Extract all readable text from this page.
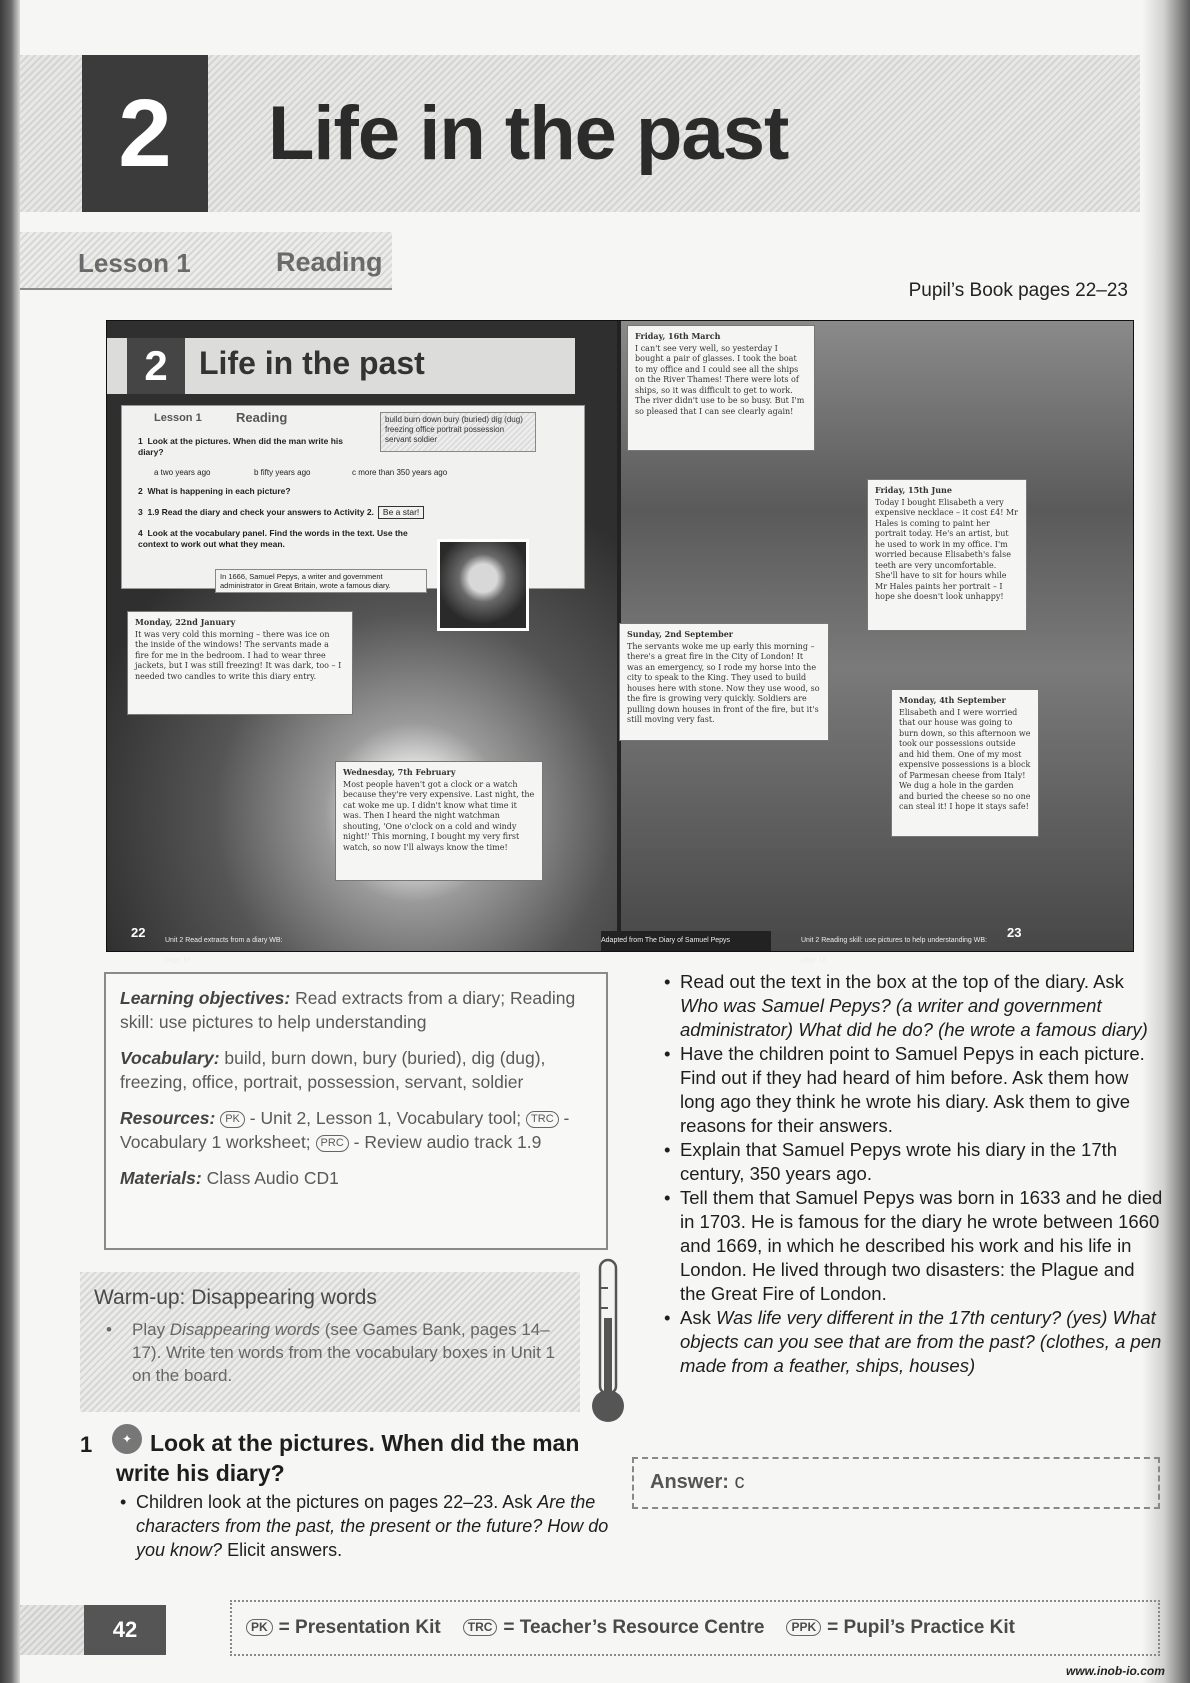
2	Life in the past
Lesson 1	Reading
Pupil’s Book pages 22–23
2 Life in the past
Lesson 1	Reading	build burn down bury (buried) dig (dug) freezing office portrait possession servant soldier
1 Look at the pictures. When did the man write his diary?
a two years ago	b fifty years ago	c more than 350 years ago
2 What is happening in each picture?
3 1.9 Read the diary and check your answers to Activity 2. Be a star!
4 Look at the vocabulary panel. Find the words in the text. Use the context to work out what they mean.
In 1666, Samuel Pepys, a writer and government administrator in Great Britain, wrote a famous diary.
Monday, 22nd January
It was very cold this morning – there was ice on the inside of the windows! The servants made a fire for me in the bedroom. I had to wear three jackets, but I was still freezing! It was dark, too – I needed two candles to write this diary entry.
Wednesday, 7th February
Most people haven't got a clock or a watch because they're very expensive. Last night, the cat woke me up. I didn't know what time it was. Then I heard the night watchman shouting, 'One o'clock on a cold and windy night!' This morning, I bought my very first watch, so now I'll always know the time!
Friday, 16th March
I can't see very well, so yesterday I bought a pair of glasses. I took the boat to my office and I could see all the ships on the River Thames! There were lots of ships, so it was difficult to get to work. The river didn't use to be so busy. But I'm so pleased that I can see clearly again!
Friday, 15th June
Today I bought Elisabeth a very expensive necklace – it cost £4! Mr Hales is coming to paint her portrait today. He's an artist, but he used to work in my office. I'm worried because Elisabeth's false teeth are very uncomfortable. She'll have to sit for hours while Mr Hales paints her portrait – I hope she doesn't look unhappy!
Sunday, 2nd September
The servants woke me up early this morning – there's a great fire in the City of London! It was an emergency, so I rode my horse into the city to speak to the King. They used to build houses here with stone. Now they use wood, so the fire is growing very quickly. Soldiers are pulling down houses in front of the fire, but it's still moving very fast.
Monday, 4th September
Elisabeth and I were worried that our house was going to burn down, so this afternoon we took our possessions outside and hid them. One of my most expensive possessions is a block of Parmesan cheese from Italy! We dug a hole in the garden and buried the cheese so no one can steal it! I hope it stays safe!
22
Unit 2 Read extracts from a diary WB: page 18
Adapted from The Diary of Samuel Pepys	Unit 2 Reading skill: use pictures to help understanding WB: page 18
23

Learning objectives: Read extracts from a diary; Reading skill: use pictures to help understanding

Vocabulary: build, burn down, bury (buried), dig (dug), freezing, office, portrait, possession, servant, soldier

Resources: PK - Unit 2, Lesson 1, Vocabulary tool; TRC - Vocabulary 1 worksheet; PRC - Review audio track 1.9

Materials: Class Audio CD1

Warm-up: Disappearing words

• Play Disappearing words (see Games Bank, pages 14–17). Write ten words from the vocabulary boxes in Unit 1 on the board.

1	✦ Look at the pictures. When did the man write his diary?

• Children look at the pictures on pages 22–23. Ask Are the characters from the past, the present or the future? How do you know? Elicit answers.

• Read out the text in the box at the top of the diary. Ask Who was Samuel Pepys? (a writer and government administrator) What did he do? (he wrote a famous diary)

• Have the children point to Samuel Pepys in each picture. Find out if they had heard of him before. Ask them how long ago they think he wrote his diary. Ask them to give reasons for their answers.

• Explain that Samuel Pepys wrote his diary in the 17th century, 350 years ago.

• Tell them that Samuel Pepys was born in 1633 and he died in 1703. He is famous for the diary he wrote between 1660 and 1669, in which he described his work and his life in London. He lived through two disasters: the Plague and the Great Fire of London.

• Ask Was life very different in the 17th century? (yes) What objects can you see that are from the past? (clothes, a pen made from a feather, ships, houses)

Answer: c
42	PK = Presentation Kit	TRC = Teacher’s Resource Centre	PPK = Pupil’s Practice Kit
www.inob-io.com
